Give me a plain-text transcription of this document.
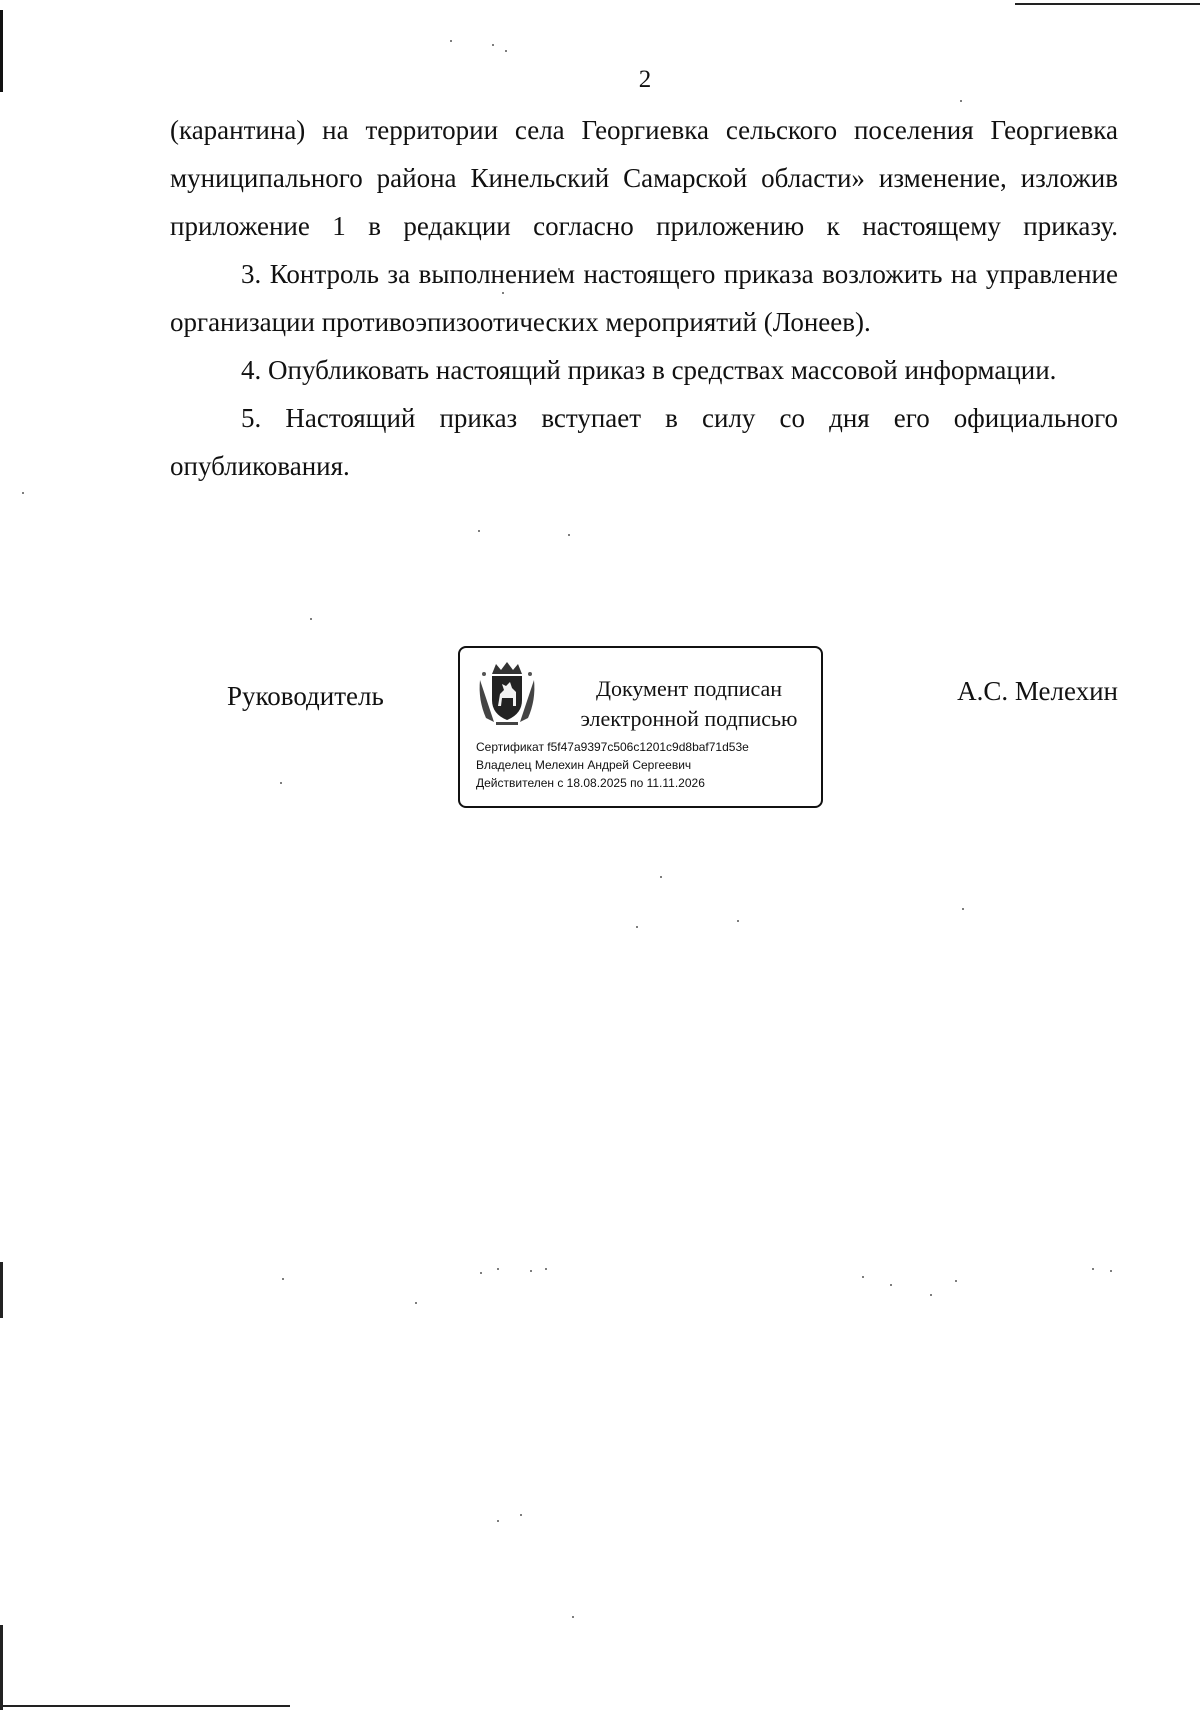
2

(карантина) на территории села Георгиевка сельского поселения Георгиевка муниципального района Кинельский Самарской области» изменение, изложив приложение 1 в редакции согласно приложению к настоящему приказу.

3. Контроль за выполнением настоящего приказа возложить на управление организации противоэпизоотических мероприятий (Лонеев).

4. Опубликовать настоящий приказ в средствах массовой информации.

5. Настоящий приказ вступает в силу со дня его официального опубликования.

Руководитель	Документ подписан
электронной подписью
Сертификат f5f47a9397c506c1201c9d8baf71d53e
Владелец Мелехин Андрей Сергеевич
Действителен с 18.08.2025 по 11.11.2026
А.С. Мелехин
